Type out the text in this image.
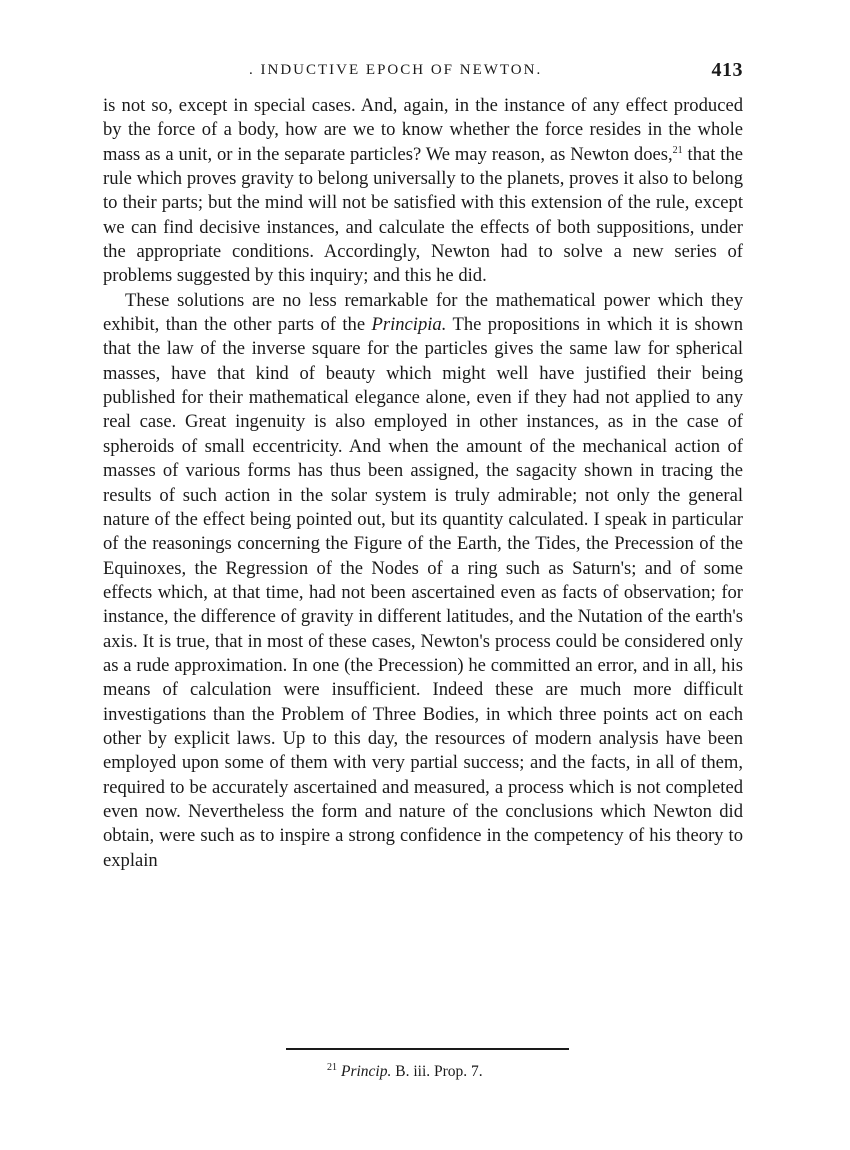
. INDUCTIVE EPOCH OF NEWTON.	413

is not so, except in special cases. And, again, in the instance of any effect produced by the force of a body, how are we to know whether the force resides in the whole mass as a unit, or in the separate particles? We may reason, as Newton does,$^{21}$ that the rule which proves gravity to belong universally to the planets, proves it also to belong to their parts; but the mind will not be satisfied with this extension of the rule, except we can find decisive instances, and calculate the effects of both suppositions, under the appropriate conditions. Accordingly, Newton had to solve a new series of problems suggested by this inquiry; and this he did.

These solutions are no less remarkable for the mathematical power which they exhibit, than the other parts of the Principia. The propositions in which it is shown that the law of the inverse square for the particles gives the same law for spherical masses, have that kind of beauty which might well have justified their being published for their mathematical elegance alone, even if they had not applied to any real case. Great ingenuity is also employed in other instances, as in the case of spheroids of small eccentricity. And when the amount of the mechanical action of masses of various forms has thus been assigned, the sagacity shown in tracing the results of such action in the solar system is truly admirable; not only the general nature of the effect being pointed out, but its quantity calculated. I speak in particular of the reasonings concerning the Figure of the Earth, the Tides, the Precession of the Equinoxes, the Regression of the Nodes of a ring such as Saturn's; and of some effects which, at that time, had not been ascertained even as facts of observation; for instance, the difference of gravity in different latitudes, and the Nutation of the earth's axis. It is true, that in most of these cases, Newton's process could be considered only as a rude approximation. In one (the Precession) he committed an error, and in all, his means of calculation were insufficient. Indeed these are much more difficult investigations than the Problem of Three Bodies, in which three points act on each other by explicit laws. Up to this day, the resources of modern analysis have been employed upon some of them with very partial success; and the facts, in all of them, required to be accurately ascertained and measured, a process which is not completed even now. Nevertheless the form and nature of the conclusions which Newton did obtain, were such as to inspire a strong confidence in the competency of his theory to explain

$^{21}$ Princip. B. iii. Prop. 7.
